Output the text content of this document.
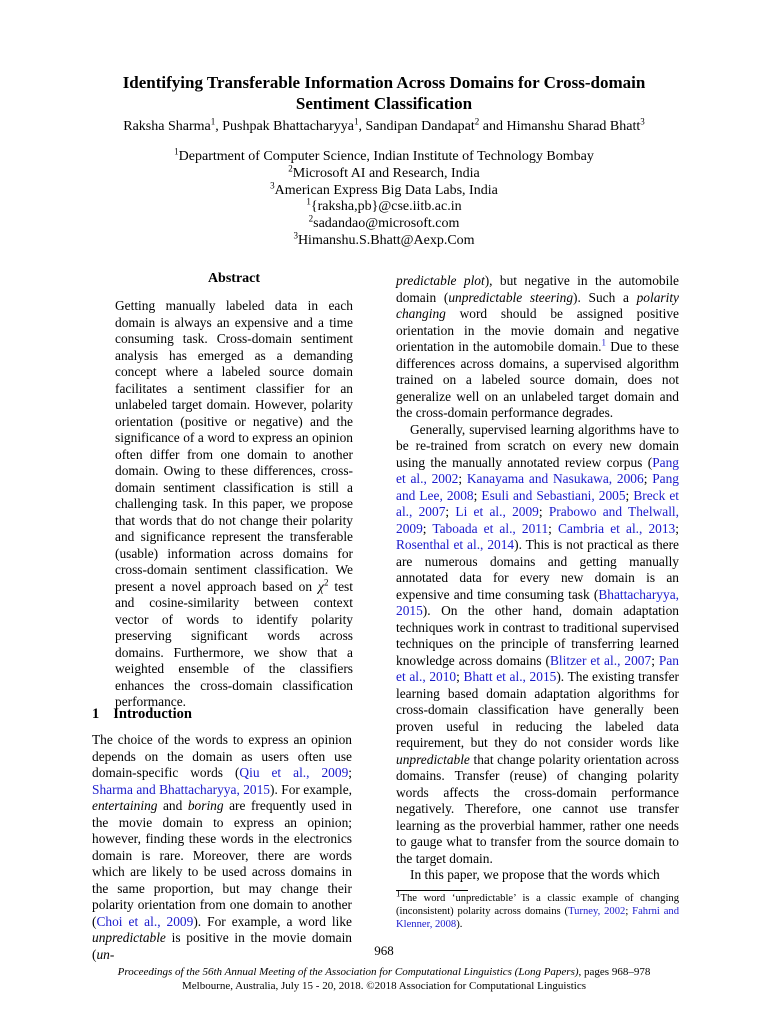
Identifying Transferable Information Across Domains for Cross-domain
Sentiment Classification
Raksha Sharma$^1$, Pushpak Bhattacharyya$^1$, Sandipan Dandapat$^2$ and Himanshu Sharad Bhatt$^3$
$^1$Department of Computer Science, Indian Institute of Technology Bombay
$^2$Microsoft AI and Research, India
$^3$American Express Big Data Labs, India
$^1${raksha,pb}@cse.iitb.ac.in
$^2$sadandao@microsoft.com
$^3$Himanshu.S.Bhatt@Aexp.Com
Abstract

Getting manually labeled data in each domain is always an expensive and a time consuming task. Cross-domain sentiment analysis has emerged as a demanding concept where a labeled source domain facilitates a sentiment classifier for an unlabeled target domain. However, polarity orientation (positive or negative) and the significance of a word to express an opinion often differ from one domain to another domain. Owing to these differences, cross-domain sentiment classification is still a challenging task. In this paper, we propose that words that do not change their polarity and significance represent the transferable (usable) information across domains for cross-domain sentiment classification. We present a novel approach based on $\chi^2$ test and cosine-similarity between context vector of words to identify polarity preserving significant words across domains. Furthermore, we show that a weighted ensemble of the classifiers enhances the cross-domain classification performance.

1 Introduction

The choice of the words to express an opinion depends on the domain as users often use domain-specific words (Qiu et al., 2009; Sharma and Bhattacharyya, 2015). For example, entertaining and boring are frequently used in the movie domain to express an opinion; however, finding these words in the electronics domain is rare. Moreover, there are words which are likely to be used across domains in the same proportion, but may change their polarity orientation from one domain to another (Choi et al., 2009). For example, a word like unpredictable is positive in the movie domain (un-

predictable plot), but negative in the automobile domain (unpredictable steering). Such a polarity changing word should be assigned positive orientation in the movie domain and negative orientation in the automobile domain.$^1$ Due to these differences across domains, a supervised algorithm trained on a labeled source domain, does not generalize well on an unlabeled target domain and the cross-domain performance degrades.

Generally, supervised learning algorithms have to be re-trained from scratch on every new domain using the manually annotated review corpus (Pang et al., 2002; Kanayama and Nasukawa, 2006; Pang and Lee, 2008; Esuli and Sebastiani, 2005; Breck et al., 2007; Li et al., 2009; Prabowo and Thelwall, 2009; Taboada et al., 2011; Cambria et al., 2013; Rosenthal et al., 2014). This is not practical as there are numerous domains and getting manually annotated data for every new domain is an expensive and time consuming task (Bhattacharyya, 2015). On the other hand, domain adaptation techniques work in contrast to traditional supervised techniques on the principle of transferring learned knowledge across domains (Blitzer et al., 2007; Pan et al., 2010; Bhatt et al., 2015). The existing transfer learning based domain adaptation algorithms for cross-domain classification have generally been proven useful in reducing the labeled data requirement, but they do not consider words like unpredictable that change polarity orientation across domains. Transfer (reuse) of changing polarity words affects the cross-domain performance negatively. Therefore, one cannot use transfer learning as the proverbial hammer, rather one needs to gauge what to transfer from the source domain to the target domain.

In this paper, we propose that the words which

$^1$The word ‘unpredictable’ is a classic example of changing (inconsistent) polarity across domains (Turney, 2002; Fahrni and Klenner, 2008).
968
Proceedings of the 56th Annual Meeting of the Association for Computational Linguistics (Long Papers), pages 968–978
Melbourne, Australia, July 15 - 20, 2018. ©2018 Association for Computational Linguistics
